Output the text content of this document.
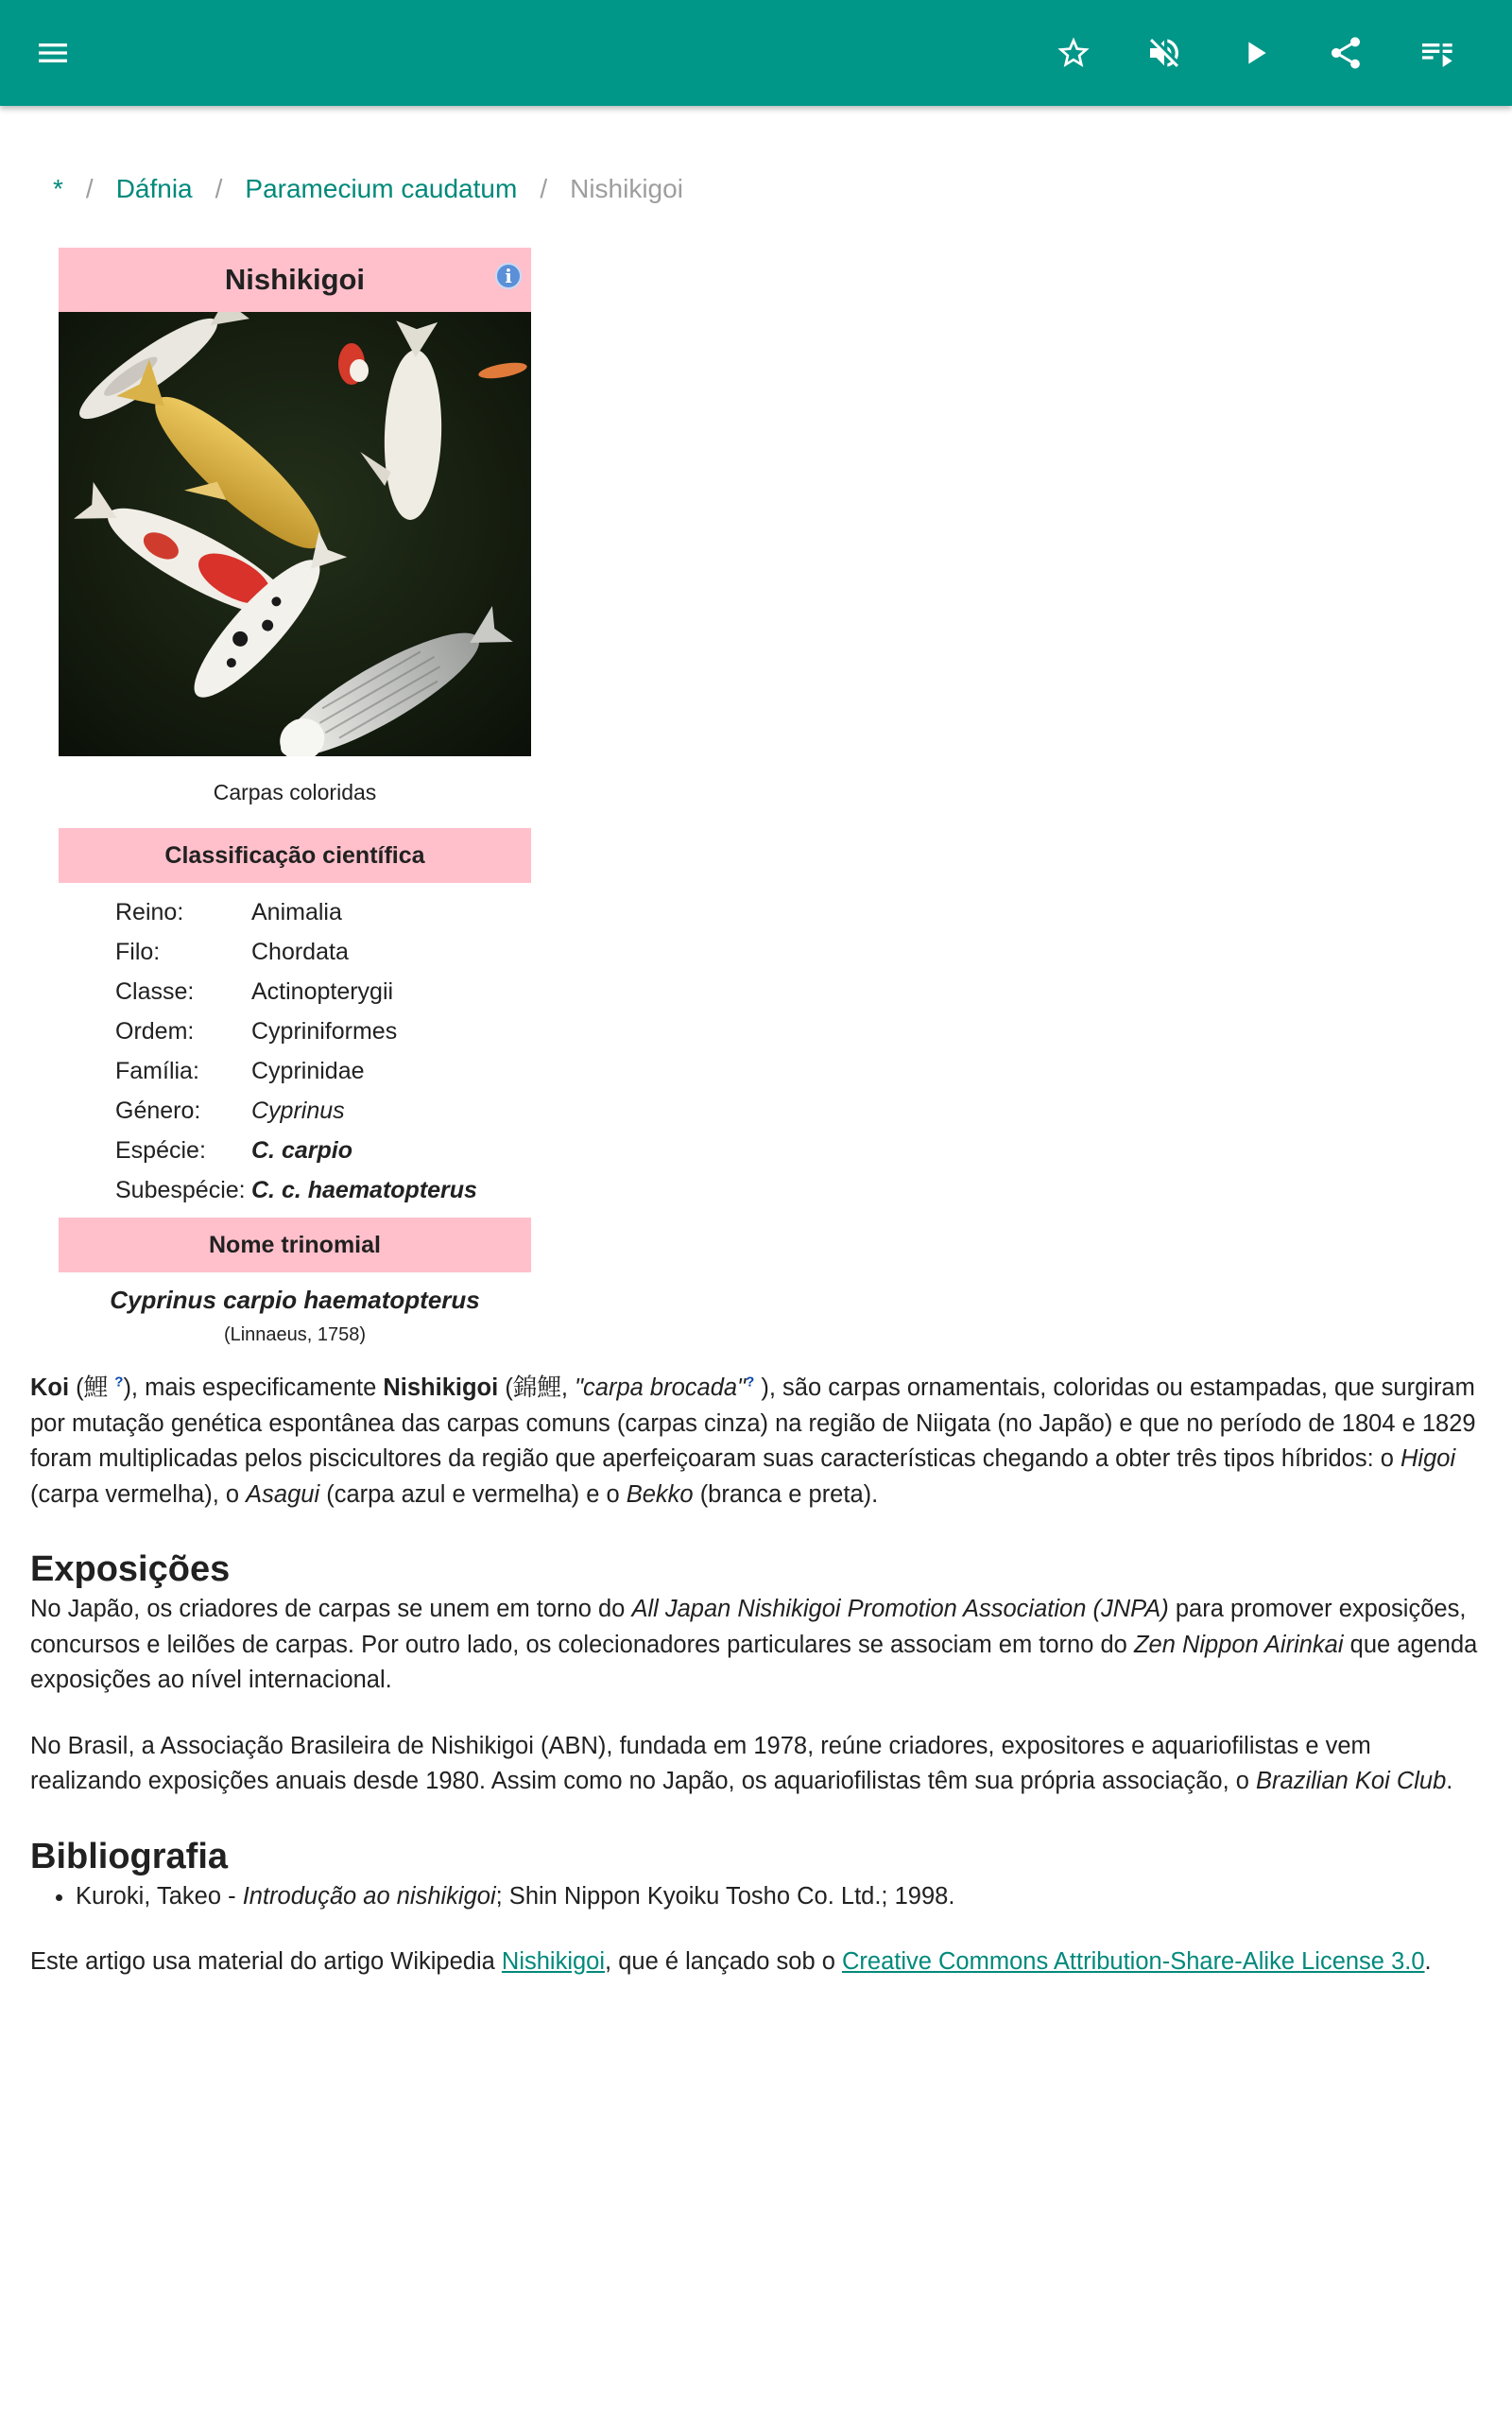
* / Dáfnia / Paramecium caudatum / Nishikigoi
Nishikigoi	i
Carpas coloridas
Classificação científica
Reino:	Animalia
Filo:	Chordata
Classe:	Actinopterygii
Ordem:	Cypriniformes
Família:	Cyprinidae
Género:	Cyprinus
Espécie:	C. carpio
Subespécie: C. c. haematopterus
Nome trinomial
Cyprinus carpio haematopterus
(Linnaeus, 1758)

Koi (鯉 ?), mais especificamente Nishikigoi (錦鯉, "carpa brocada"? ), são carpas ornamentais, coloridas ou estampadas, que surgiram por mutação genética espontânea das carpas comuns (carpas cinza) na região de Niigata (no Japão) e que no período de 1804 e 1829 foram multiplicadas pelos piscicultores da região que aperfeiçoaram suas características chegando a obter três tipos híbridos: o Higoi (carpa vermelha), o Asagui (carpa azul e vermelha) e o Bekko (branca e preta).

Exposições

No Japão, os criadores de carpas se unem em torno do All Japan Nishikigoi Promotion Association (JNPA) para promover exposições, concursos e leilões de carpas. Por outro lado, os colecionadores particulares se associam em torno do Zen Nippon Airinkai que agenda exposições ao nível internacional.

No Brasil, a Associação Brasileira de Nishikigoi (ABN), fundada em 1978, reúne criadores, expositores e aquariofilistas e vem realizando exposições anuais desde 1980. Assim como no Japão, os aquariofilistas têm sua própria associação, o Brazilian Koi Club.

Bibliografia
• Kuroki, Takeo - Introdução ao nishikigoi; Shin Nippon Kyoiku Tosho Co. Ltd.; 1998.

Este artigo usa material do artigo Wikipedia Nishikigoi, que é lançado sob o Creative Commons Attribution-Share-Alike License 3.0.
